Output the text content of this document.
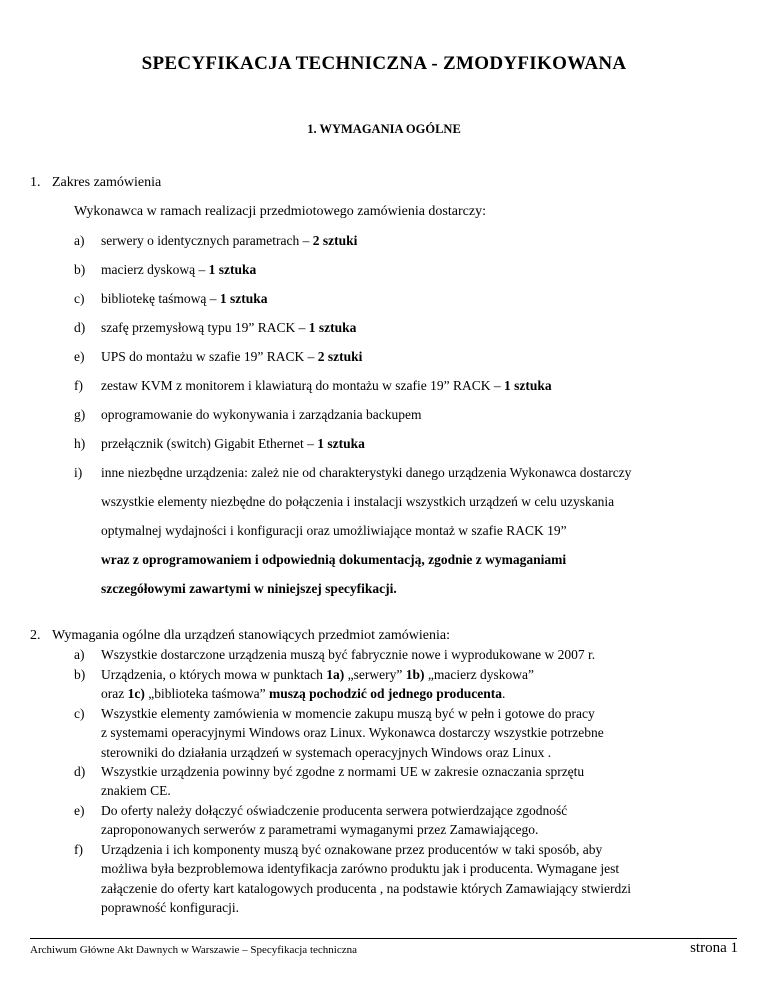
SPECYFIKACJA TECHNICZNA - ZMODYFIKOWANA
1. WYMAGANIA OGÓLNE
1. Zakres zamówienia
Wykonawca w ramach realizacji przedmiotowego zamówienia dostarczy:
a) serwery o identycznych parametrach – 2 sztuki
b) macierz dyskową – 1 sztuka
c) bibliotekę taśmową – 1 sztuka
d) szafę przemysłową typu 19” RACK – 1 sztuka
e) UPS do montażu w szafie 19” RACK – 2 sztuki
f) zestaw KVM z monitorem i klawiaturą do montażu w szafie 19” RACK – 1 sztuka
g) oprogramowanie do wykonywania i zarządzania backupem
h) przełącznik (switch) Gigabit Ethernet – 1 sztuka
i) inne niezbędne urządzenia: zależ nie od charakterystyki danego urządzenia Wykonawca dostarczy
wszystkie elementy niezbędne do połączenia i instalacji wszystkich urządzeń w celu uzyskania
optymalnej wydajności i konfiguracji oraz umożliwiające montaż w szafie RACK 19”
wraz z oprogramowaniem i odpowiednią dokumentacją, zgodnie z wymaganiami
szczegółowymi zawartymi w niniejszej specyfikacji.
2. Wymagania ogólne dla urządzeń stanowiących przedmiot zamówienia:
Archiwum Główne Akt Dawnych w Warszawie – Specyfikacja techniczna	strona 1
a) Wszystkie dostarczone urządzenia muszą być fabrycznie nowe i wyprodukowane w 2007 r.
b) Urządzenia, o których mowa w punktach 1a) „serwery” 1b) „macierz dyskowa”
oraz 1c) „biblioteka taśmowa” muszą pochodzić od jednego producenta.
c) Wszystkie elementy zamówienia w momencie zakupu muszą być w pełn i gotowe do pracy
z systemami operacyjnymi Windows oraz Linux. Wykonawca dostarczy wszystkie potrzebne
sterowniki do działania urządzeń w systemach operacyjnych Windows oraz Linux .
d) Wszystkie urządzenia powinny być zgodne z normami UE w zakresie oznaczania sprzętu
znakiem CE.
e) Do oferty należy dołączyć oświadczenie producenta serwera potwierdzające zgodność
zaproponowanych serwerów z parametrami wymaganymi przez Zamawiającego.
f) Urządzenia i ich komponenty muszą być oznakowane przez producentów w taki sposób, aby
możliwa była bezproblemowa identyfikacja zarówno produktu jak i producenta. Wymagane jest
załączenie do oferty kart katalogowych producenta , na podstawie których Zamawiający stwierdzi
poprawność konfiguracji.
